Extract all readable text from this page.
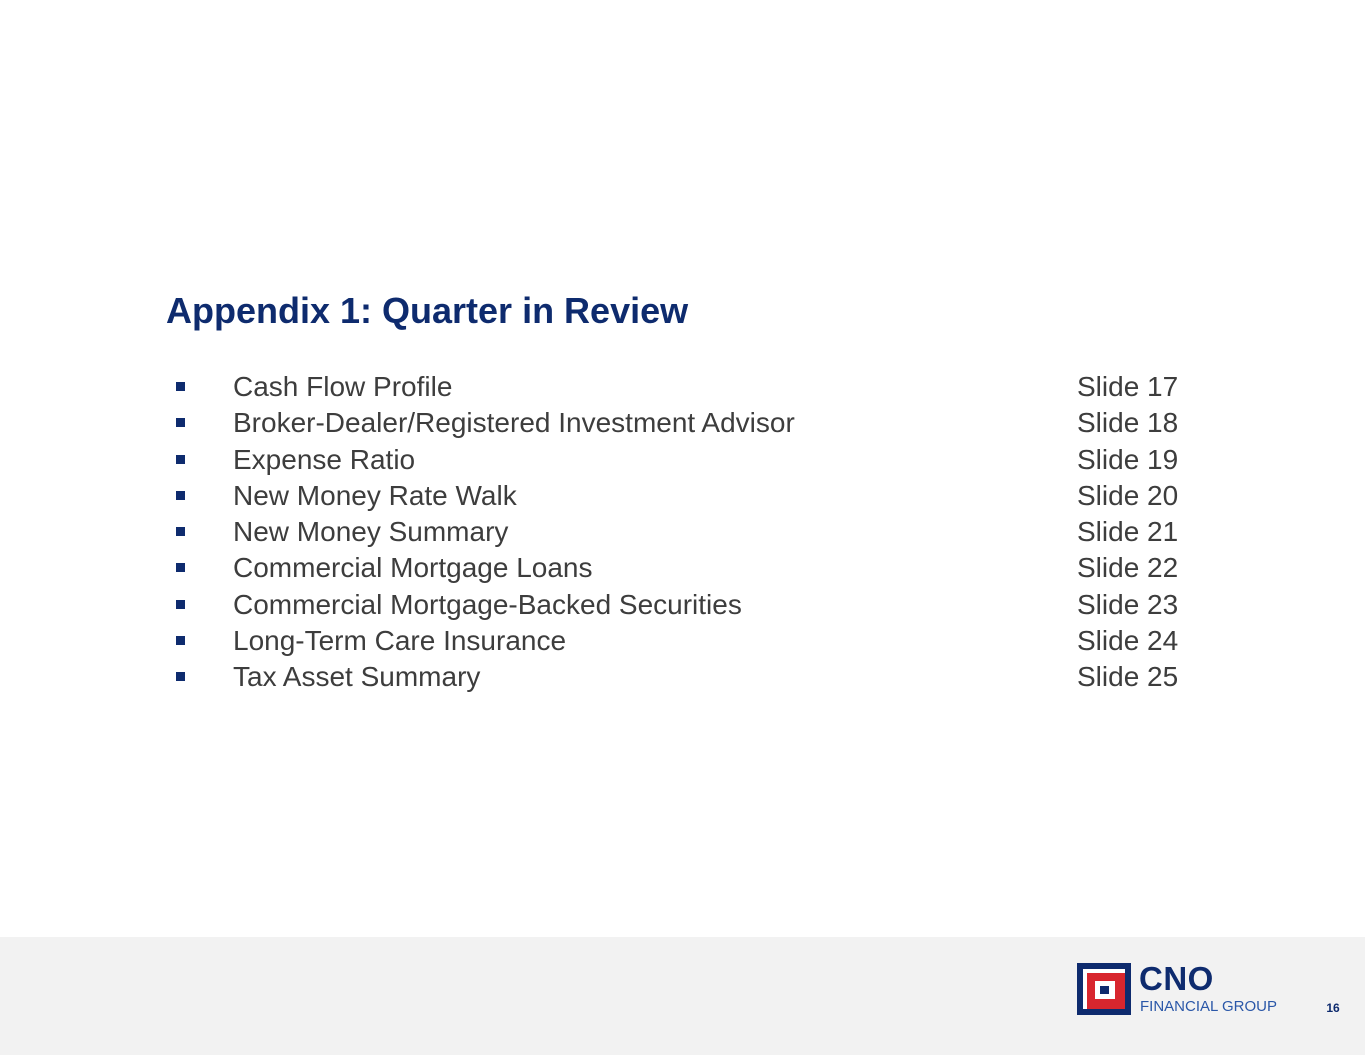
Appendix 1: Quarter in Review
Cash Flow Profile	Slide 17
Broker-Dealer/Registered Investment Advisor	Slide 18
Expense Ratio	Slide 19
New Money Rate Walk	Slide 20
New Money Summary	Slide 21
Commercial Mortgage Loans	Slide 22
Commercial Mortgage-Backed Securities	Slide 23
Long-Term Care Insurance	Slide 24
Tax Asset Summary	Slide 25
CNO
FINANCIAL GROUP	16
